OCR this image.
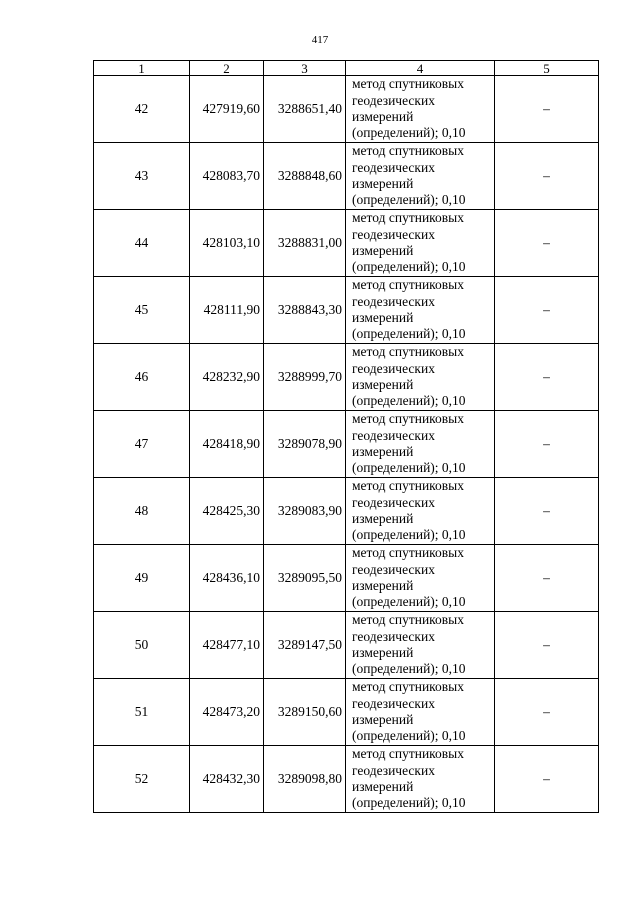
417
1	2	3	4	5
42	427919,60	3288651,40	метод спутниковых
геодезических
измерений
(определений); 0,10	–
43	428083,70	3288848,60	метод спутниковых
геодезических
измерений
(определений); 0,10	–
44	428103,10	3288831,00	метод спутниковых
геодезических
измерений
(определений); 0,10	–
45	428111,90	3288843,30	метод спутниковых
геодезических
измерений
(определений); 0,10	–
46	428232,90	3288999,70	метод спутниковых
геодезических
измерений
(определений); 0,10	–
47	428418,90	3289078,90	метод спутниковых
геодезических
измерений
(определений); 0,10	–
48	428425,30	3289083,90	метод спутниковых
геодезических
измерений
(определений); 0,10	–
49	428436,10	3289095,50	метод спутниковых
геодезических
измерений
(определений); 0,10	–
50	428477,10	3289147,50	метод спутниковых
геодезических
измерений
(определений); 0,10	–
51	428473,20	3289150,60	метод спутниковых
геодезических
измерений
(определений); 0,10	–
52	428432,30	3289098,80	метод спутниковых
геодезических
измерений
(определений); 0,10	–
